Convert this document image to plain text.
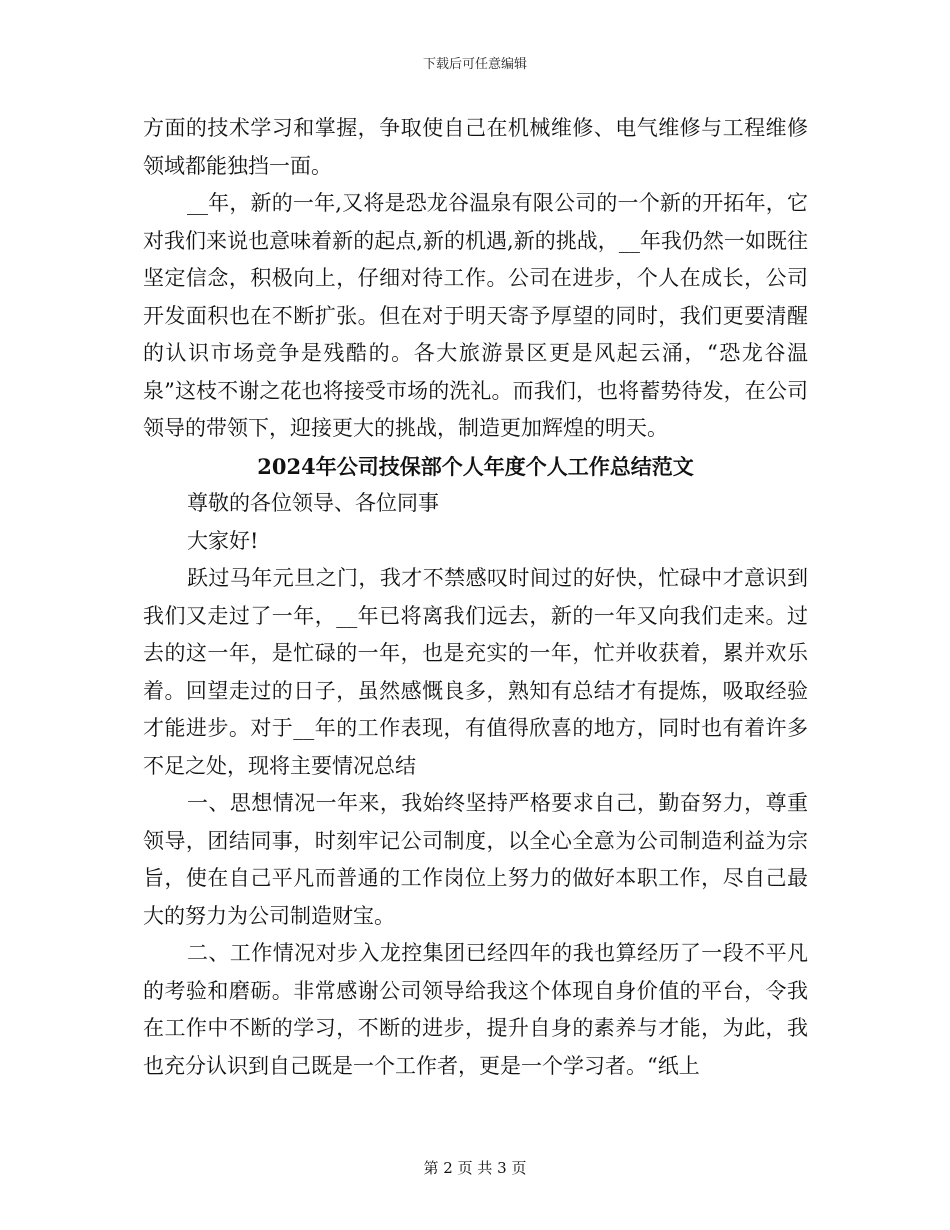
下载后可任意编辑

方面的技术学习和掌握，争取使自己在机械维修、电气维修与工程维修领域都能独挡一面。

__年，新的一年,又将是恐龙谷温泉有限公司的一个新的开拓年，它对我们来说也意味着新的起点,新的机遇,新的挑战，__年我仍然一如既往坚定信念，积极向上，仔细对待工作。公司在进步，个人在成长，公司开发面积也在不断扩张。但在对于明天寄予厚望的同时，我们更要清醒的认识市场竞争是残酷的。各大旅游景区更是风起云涌，“恐龙谷温泉”这枝不谢之花也将接受市场的洗礼。而我们，也将蓄势待发，在公司领导的带领下，迎接更大的挑战，制造更加辉煌的明天。

2024年公司技保部个人年度个人工作总结范文

尊敬的各位领导、各位同事

大家好!

跃过马年元旦之门，我才不禁感叹时间过的好快，忙碌中才意识到我们又走过了一年，__年已将离我们远去，新的一年又向我们走来。过去的这一年，是忙碌的一年，也是充实的一年，忙并收获着，累并欢乐着。回望走过的日子，虽然感慨良多，熟知有总结才有提炼，吸取经验才能进步。对于__年的工作表现，有值得欣喜的地方，同时也有着许多不足之处，现将主要情况总结

一、思想情况一年来，我始终坚持严格要求自己，勤奋努力，尊重领导，团结同事，时刻牢记公司制度，以全心全意为公司制造利益为宗旨，使在自己平凡而普通的工作岗位上努力的做好本职工作，尽自己最大的努力为公司制造财宝。

二、工作情况对步入龙控集团已经四年的我也算经历了一段不平凡的考验和磨砺。非常感谢公司领导给我这个体现自身价值的平台，令我在工作中不断的学习，不断的进步，提升自身的素养与才能，为此，我也充分认识到自己既是一个工作者，更是一个学习者。“纸上

第 2 页 共 3 页
